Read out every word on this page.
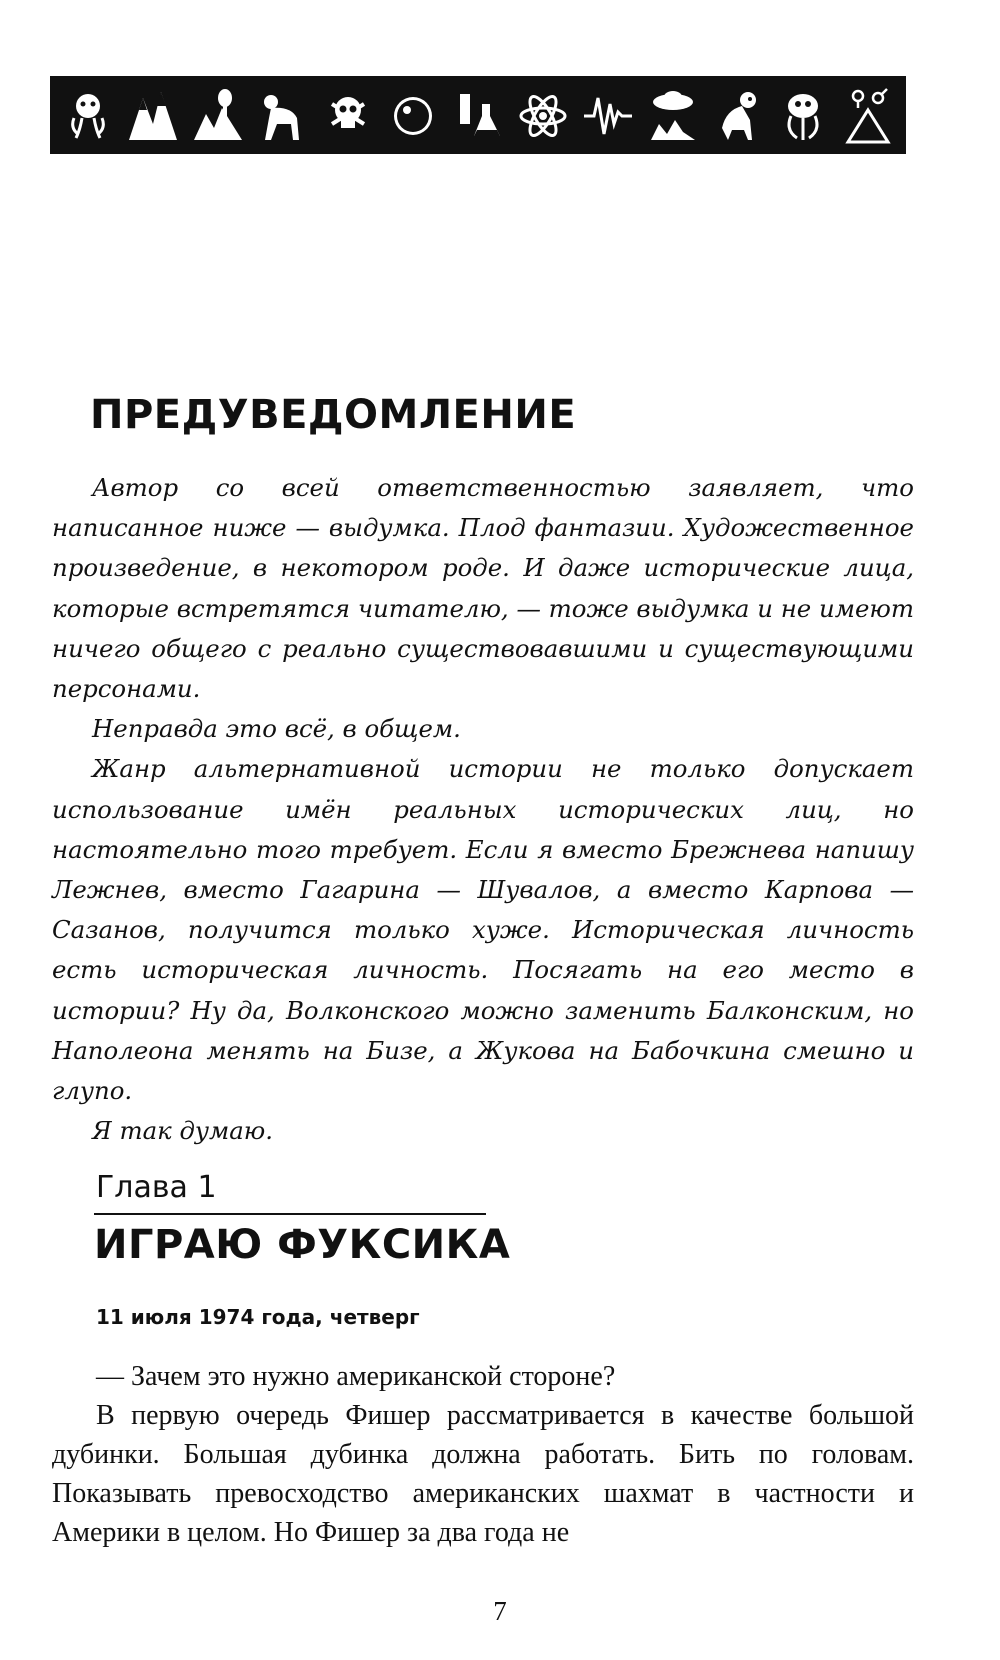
ПРЕДУВЕДОМЛЕНИЕ

Автор со всей ответственностью заявляет, что написанное ниже — выдумка. Плод фантазии. Художественное произведение, в некотором роде. И даже исторические лица, которые встретятся читателю, — тоже выдумка и не имеют ничего общего с реально существовавшими и существующими персонами.

Неправда это всё, в общем.

Жанр альтернативной истории не только допускает использование имён реальных исторических лиц, но настоятельно того требует. Если я вместо Брежнева напишу Лежнев, вместо Гагарина — Шувалов, а вместо Карпова — Сазанов, получится только хуже. Историческая личность есть историческая личность. Посягать на его место в истории? Ну да, Волконского можно заменить Балконским, но Наполеона менять на Бизе, а Жукова на Бабочкина смешно и глупо.

Я так думаю.

Глава 1
ИГРАЮ ФУКСИКА
11 июля 1974 года, четверг

— Зачем это нужно американской стороне?

В первую очередь Фишер рассматривается в качестве большой дубинки. Большая дубинка должна работать. Бить по головам. Показывать превосходство американских шахмат в частности и Америки в целом. Но Фишер за два года не

7
